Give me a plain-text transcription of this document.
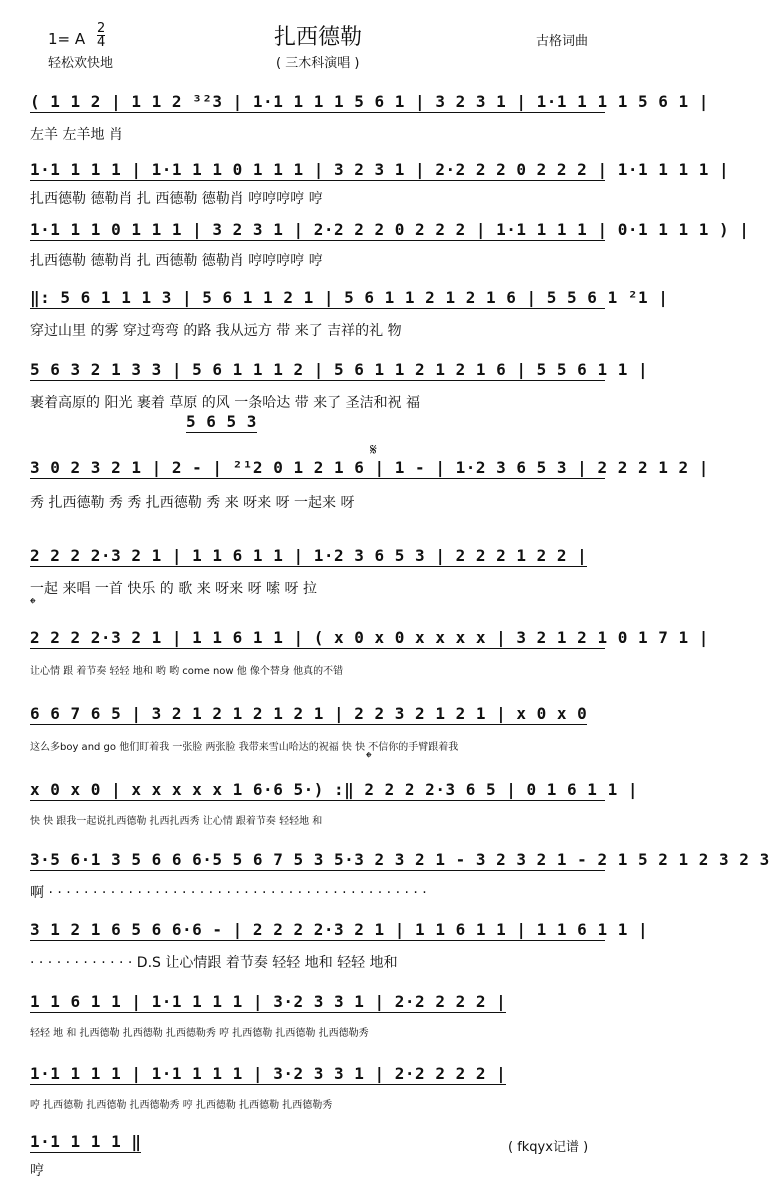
1= A $\frac{2}{4}$
轻松欢快地
扎西德勒
( 三木科演唱 )
古格词曲
( 1 1 2 | 1 1 2 ³²3 | 1·1 1 1 1 5 6 1 | 3 2 3 1 | 1·1 1 1 1 5 6 1 |
左羊 左羊地 肖
1·1 1 1 1 | 1·1 1 1 0 1 1 1 | 3 2 3 1 | 2·2 2 2 0 2 2 2 | 1·1 1 1 1 |
扎西德勒 德勒肖 扎 西德勒 德勒肖 哼哼哼哼 哼
1·1 1 1 0 1 1 1 | 3 2 3 1 | 2·2 2 2 0 2 2 2 | 1·1 1 1 1 | 0·1 1 1 1 ) |
扎西德勒 德勒肖 扎 西德勒 德勒肖 哼哼哼哼 哼
‖: 5 6 1 1 1 3 | 5 6 1 1 2 1 | 5 6 1 1 2 1 2 1 6 | 5 5 6 1 ²1 |
穿过山里 的雾 穿过弯弯 的路 我从远方 带 来了 吉祥的礼 物
5 6 3 2 1 3 3 | 5 6 1 1 1 2 | 5 6 1 1 2 1 2 1 6 | 5 5 6 1 1 |
裹着高原的 阳光 裹着 草原 的风 一条哈达 带 来了 圣洁和祝 福
5 6 5 3
3 0 2 3 2 1 | 2 - | ²¹2 0 1 2 1 6 | 1 - | 1·2 3 6 5 3 | 2 2 2 1 2 |
秀 扎西德勒 秀 秀 扎西德勒 秀 来 呀来 呀 一起来 呀
2 2 2 2·3 2 1 | 1 1 6 1 1 | 1·2 3 6 5 3 | 2 2 2 1 2 2 |
一起 来唱 一首 快乐 的 歌 来 呀来 呀 嗦 呀 拉
2 2 2 2·3 2 1 | 1 1 6 1 1 | ( x 0 x 0 x x x x | 3 2 1 2 1 0 1 7 1 |
让心情 跟 着节奏 轻轻 地和 哟 哟 come now 他 像个替身 他真的不错
6 6 7 6 5 | 3 2 1 2 1 2 1 2 1 | 2 2 3 2 1 2 1 | x 0 x 0
这么多boy and go 他们盯着我 一张脸 两张脸 我带来雪山哈达的祝福 快 快 不信你的手臂跟着我
x 0 x 0 | x x x x x 1 6·6 5·) :‖ 2 2 2 2·3 6 5 | 0 1 6 1 1 |
快 快 跟我一起说扎西德勒 扎西扎西秀 让心情 跟着节奏 轻轻地 和
3·5 6·1 3 5 6 6 6·5 5 6 7 5 3 5·3 2 3 2 1 - 3 2 3 2 1 - 2 1 5 2 1 2 3 2 3
啊 · · · · · · · · · · · · · · · · · · · · · · · · · · · · · · · · · · · · · · · · · · ·
3 1 2 1 6 5 6 6·6 - | 2 2 2 2·3 2 1 | 1 1 6 1 1 | 1 1 6 1 1 |
· · · · · · · · · · · · D.S 让心情跟 着节奏 轻轻 地和 轻轻 地和
1 1 6 1 1 | 1·1 1 1 1 | 3·2 3 3 1 | 2·2 2 2 2 |
轻轻 地 和 扎西德勒 扎西德勒 扎西德勒秀 哼 扎西德勒 扎西德勒 扎西德勒秀
1·1 1 1 1 | 1·1 1 1 1 | 3·2 3 3 1 | 2·2 2 2 2 |
哼 扎西德勒 扎西德勒 扎西德勒秀 哼 扎西德勒 扎西德勒 扎西德勒秀
1·1 1 1 1 ‖
哼
𝄋
𝄌
𝄌
( fkqyx记谱 )
